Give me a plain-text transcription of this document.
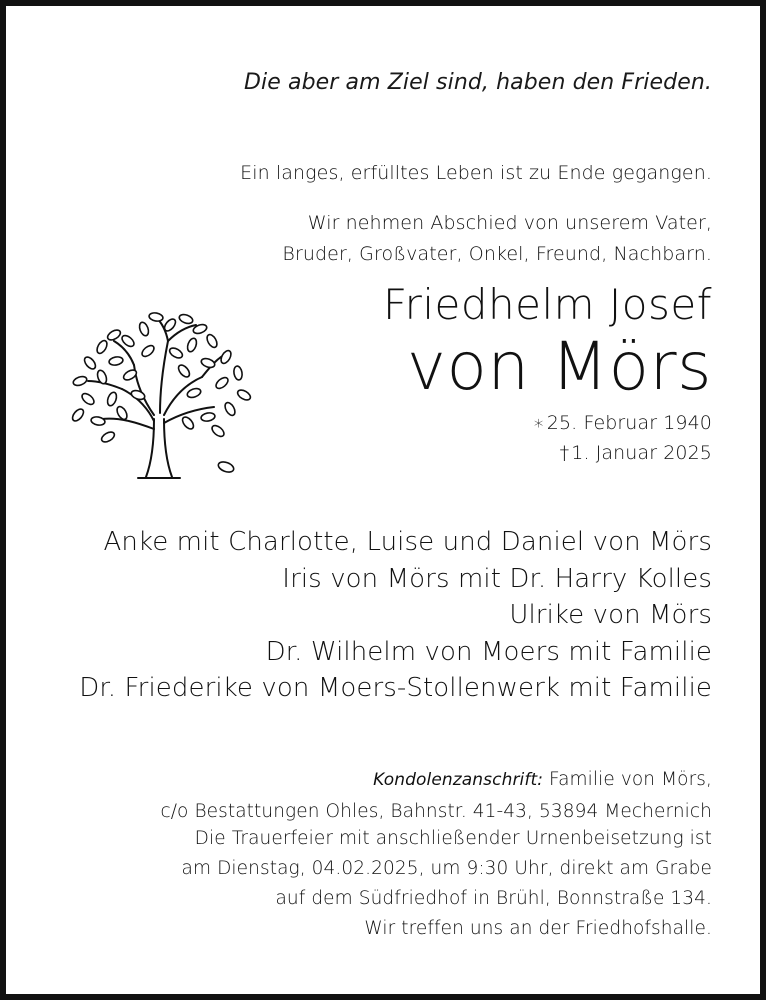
Die aber am Ziel sind, haben den Frieden.
Ein langes, erfülltes Leben ist zu Ende gegangen.
Wir nehmen Abschied von unserem Vater,
Bruder, Großvater, Onkel, Freund, Nachbarn.
Friedhelm Josef
von Mörs
∗ 25. Februar 1940
† 1. Januar 2025
Anke mit Charlotte, Luise und Daniel von Mörs
Iris von Mörs mit Dr. Harry Kolles
Ulrike von Mörs
Dr. Wilhelm von Moers mit Familie
Dr. Friederike von Moers-Stollenwerk mit Familie
Kondolenzanschrift: Familie von Mörs,
c/o Bestattungen Ohles, Bahnstr. 41-43, 53894 Mechernich
Die Trauerfeier mit anschließender Urnenbeisetzung ist
am Dienstag, 04.02.2025, um 9:30 Uhr, direkt am Grabe
auf dem Südfriedhof in Brühl, Bonnstraße 134.
Wir treffen uns an der Friedhofshalle.
